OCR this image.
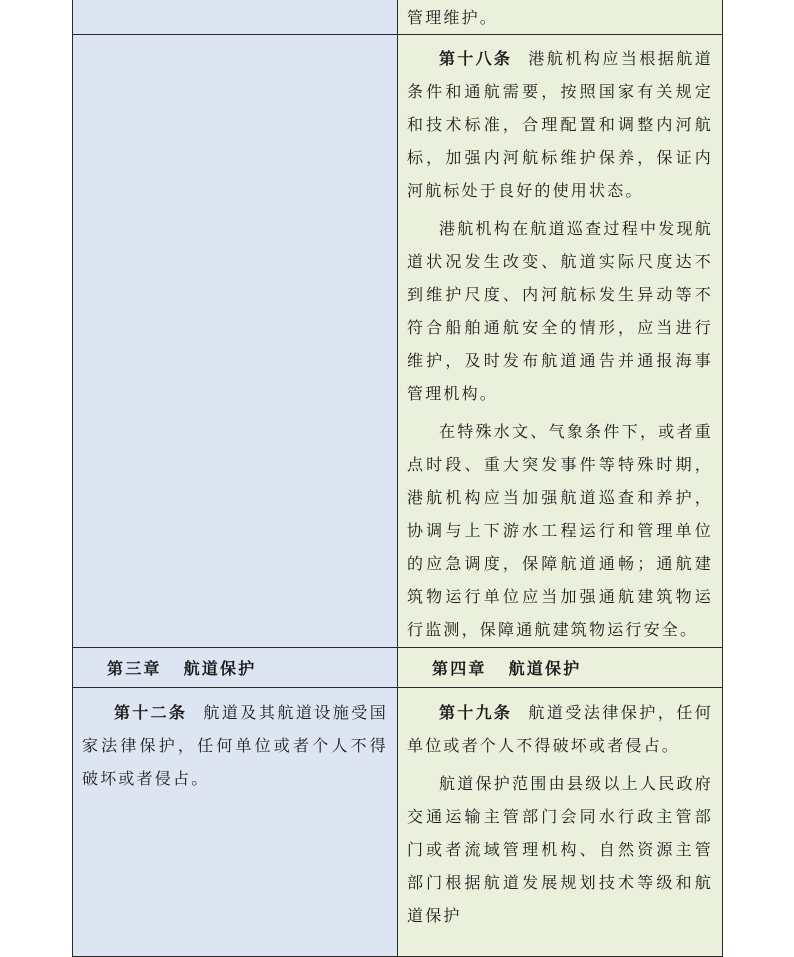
	管理维护。

	第十八条 港航机构应当根据航道条件和通航需要，按照国家有关规定和技术标准，合理配置和调整内河航标，加强内河航标维护保养，保证内河航标处于良好的使用状态。

港航机构在航道巡查过程中发现航道状况发生改变、航道实际尺度达不到维护尺度、内河航标发生异动等不符合船舶通航安全的情形，应当进行维护，及时发布航道通告并通报海事管理机构。

在特殊水文、气象条件下，或者重点时段、重大突发事件等特殊时期，港航机构应当加强航道巡查和养护，协调与上下游水工程运行和管理单位的应急调度，保障航道通畅；通航建筑物运行单位应当加强通航建筑物运行监测，保障通航建筑物运行安全。

第三章 航道保护	第四章 航道保护

第十二条 航道及其航道设施受国家法律保护，任何单位或者个人不得破坏或者侵占。	第十九条 航道受法律保护，任何单位或者个人不得破坏或者侵占。

航道保护范围由县级以上人民政府交通运输主管部门会同水行政主管部门或者流域管理机构、自然资源主管部门根据航道发展规划技术等级和航道保护
